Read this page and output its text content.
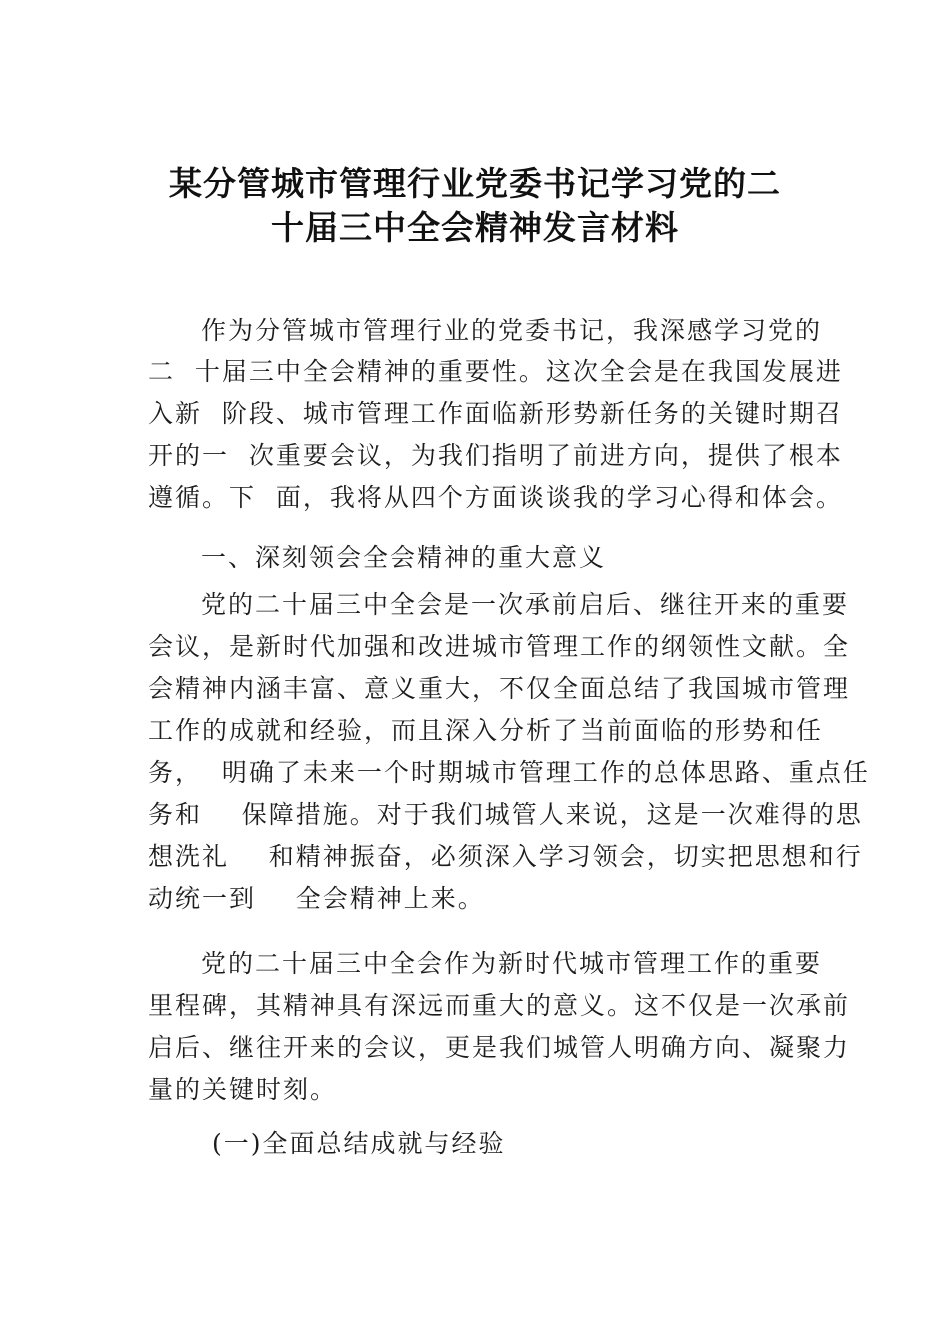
某分管城市管理行业党委书记学习党的二
十届三中全会精神发言材料

作为分管城市管理行业的党委书记，我深感学习党的

二  十届三中全会精神的重要性。这次全会是在我国发展进

入新  阶段、城市管理工作面临新形势新任务的关键时期召

开的一  次重要会议，为我们指明了前进方向，提供了根本

遵循。下  面，我将从四个方面谈谈我的学习心得和体会。

一、深刻领会全会精神的重大意义

党的二十届三中全会是一次承前启后、继往开来的重要

会议，是新时代加强和改进城市管理工作的纲领性文献。全

会精神内涵丰富、意义重大，不仅全面总结了我国城市管理

工作的成就和经验，而且深入分析了当前面临的形势和任

务，  明确了未来一个时期城市管理工作的总体思路、重点任

务和    保障措施。对于我们城管人来说，这是一次难得的思

想洗礼    和精神振奋，必须深入学习领会，切实把思想和行

动统一到    全会精神上来。

党的二十届三中全会作为新时代城市管理工作的重要

里程碑，其精神具有深远而重大的意义。这不仅是一次承前

启后、继往开来的会议，更是我们城管人明确方向、凝聚力

量的关键时刻。

(一)全面总结成就与经验
